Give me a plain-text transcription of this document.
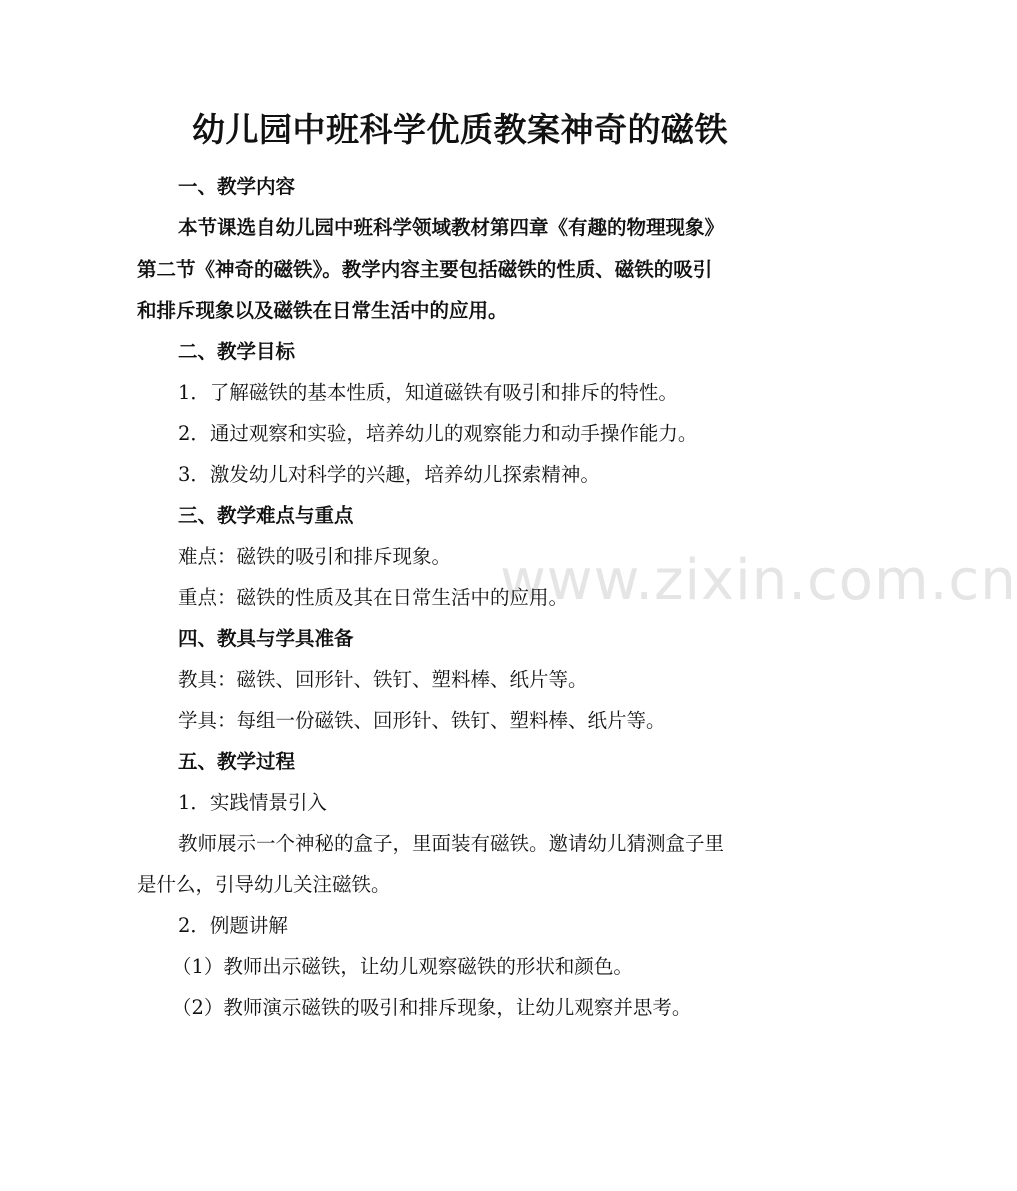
www.zixin.com.cn
幼儿园中班科学优质教案神奇的磁铁
一、教学内容
本节课选自幼儿园中班科学领域教材第四章《有趣的物理现象》
第二节《神奇的磁铁》。教学内容主要包括磁铁的性质、磁铁的吸引
和排斥现象以及磁铁在日常生活中的应用。
二、教学目标
1．了解磁铁的基本性质，知道磁铁有吸引和排斥的特性。
2．通过观察和实验，培养幼儿的观察能力和动手操作能力。
3．激发幼儿对科学的兴趣，培养幼儿探索精神。
三、教学难点与重点
难点：磁铁的吸引和排斥现象。
重点：磁铁的性质及其在日常生活中的应用。
四、教具与学具准备
教具：磁铁、回形针、铁钉、塑料棒、纸片等。
学具：每组一份磁铁、回形针、铁钉、塑料棒、纸片等。
五、教学过程
1．实践情景引入
教师展示一个神秘的盒子，里面装有磁铁。邀请幼儿猜测盒子里
是什么，引导幼儿关注磁铁。
2．例题讲解
（1）教师出示磁铁，让幼儿观察磁铁的形状和颜色。
（2）教师演示磁铁的吸引和排斥现象，让幼儿观察并思考。
